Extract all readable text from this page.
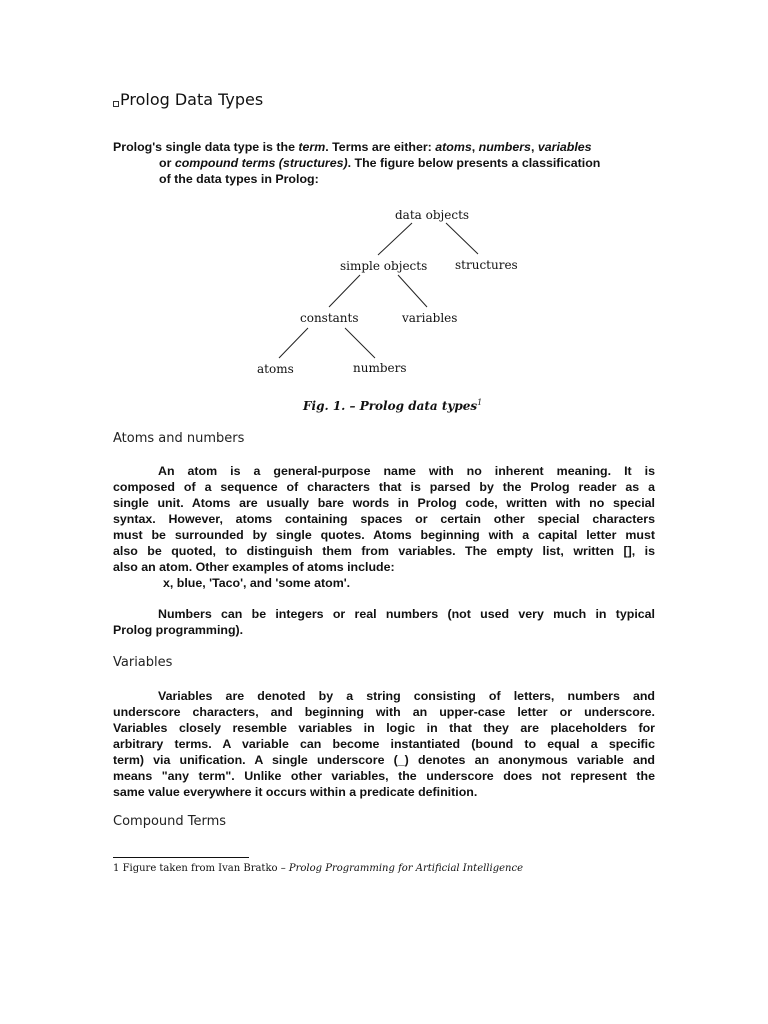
Prolog Data Types
Prolog's single data type is the term. Terms are either: atoms, numbers, variables
or compound terms (structures). The figure below presents a classification
of the data types in Prolog:
data objects
simple objects structures
constants	variables
atoms	numbers
Fig. 1. – Prolog data types$^1$
Atoms and numbers
An atom is a general-purpose name with no inherent meaning. It is
composed of a sequence of characters that is parsed by the Prolog reader as a
single unit. Atoms are usually bare words in Prolog code, written with no special
syntax. However, atoms containing spaces or certain other special characters
must be surrounded by single quotes. Atoms beginning with a capital letter must
also be quoted, to distinguish them from variables. The empty list, written [], is
also an atom. Other examples of atoms include:
x, blue, 'Taco', and 'some atom'.
Numbers can be integers or real numbers (not used very much in typical
Prolog programming).
Variables
Variables are denoted by a string consisting of letters, numbers and
underscore characters, and beginning with an upper-case letter or underscore.
Variables closely resemble variables in logic in that they are placeholders for
arbitrary terms. A variable can become instantiated (bound to equal a specific
term) via unification. A single underscore (_) denotes an anonymous variable and
means "any term". Unlike other variables, the underscore does not represent the
same value everywhere it occurs within a predicate definition.
Compound Terms
1 Figure taken from Ivan Bratko – Prolog Programming for Artificial Intelligence
